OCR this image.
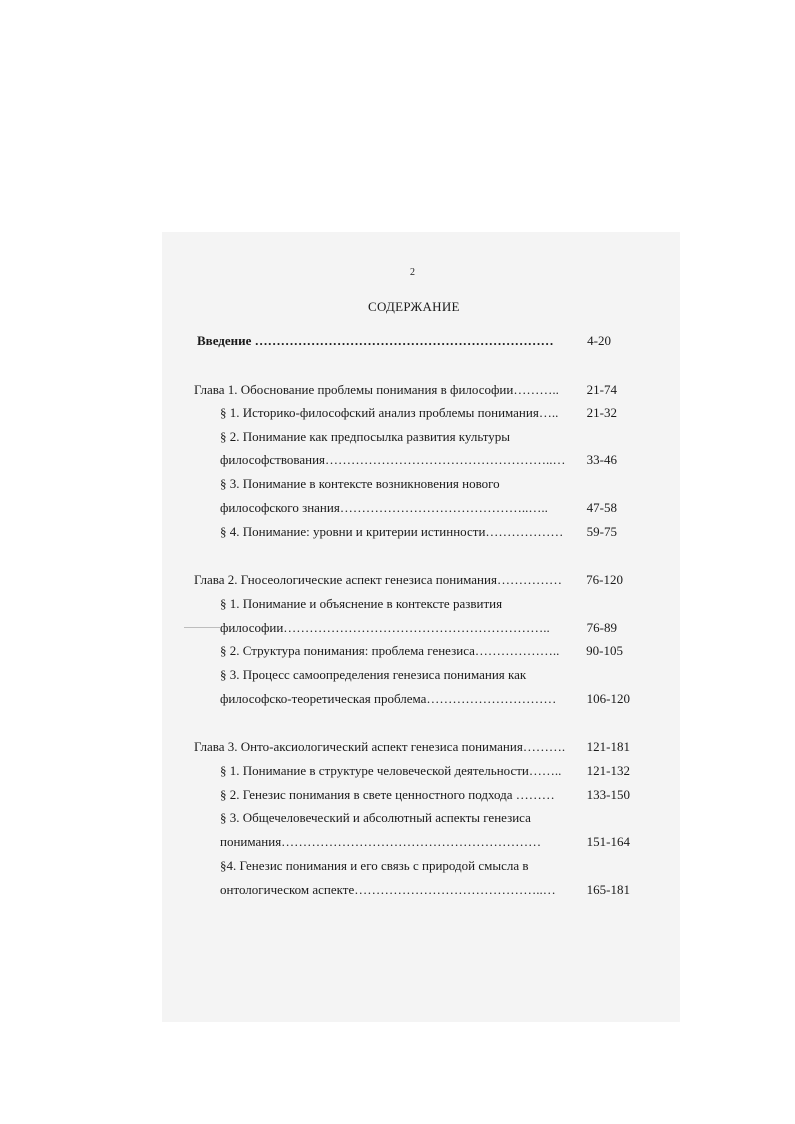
2
СОДЕРЖАНИЕ
Введение ……………………………………………………………	4-20
Глава 1. Обоснование проблемы понимания в философии………..	21-74
§ 1. Историко-философский анализ проблемы понимания…..	21-32
§ 2. Понимание как предпосылка развития культуры
философствования……………………………………………..…	33-46
§ 3. Понимание в контексте возникновения нового
философского знания……………………………………..…..	47-58
§ 4. Понимание: уровни и критерии истинности………………	59-75
Глава 2. Гносеологические аспект генезиса понимания……………	76-120
§ 1. Понимание и объяснение в контексте развития
философии……………………………………………………..	76-89
§ 2. Структура понимания: проблема генезиса………………..	90-105
§ 3. Процесс самоопределения генезиса понимания как
философско-теоретическая проблема…………………………	106-120
Глава 3. Онто-аксиологический аспект генезиса понимания……….	121-181
§ 1. Понимание в структуре человеческой деятельности……..	121-132
§ 2. Генезис понимания в свете ценностного подхода ………	133-150
§ 3. Общечеловеческий и абсолютный аспекты генезиса
понимания……………………………………………………	151-164
§4. Генезис понимания и его связь с природой смысла в
онтологическом аспекте……………………………………..…	165-181
